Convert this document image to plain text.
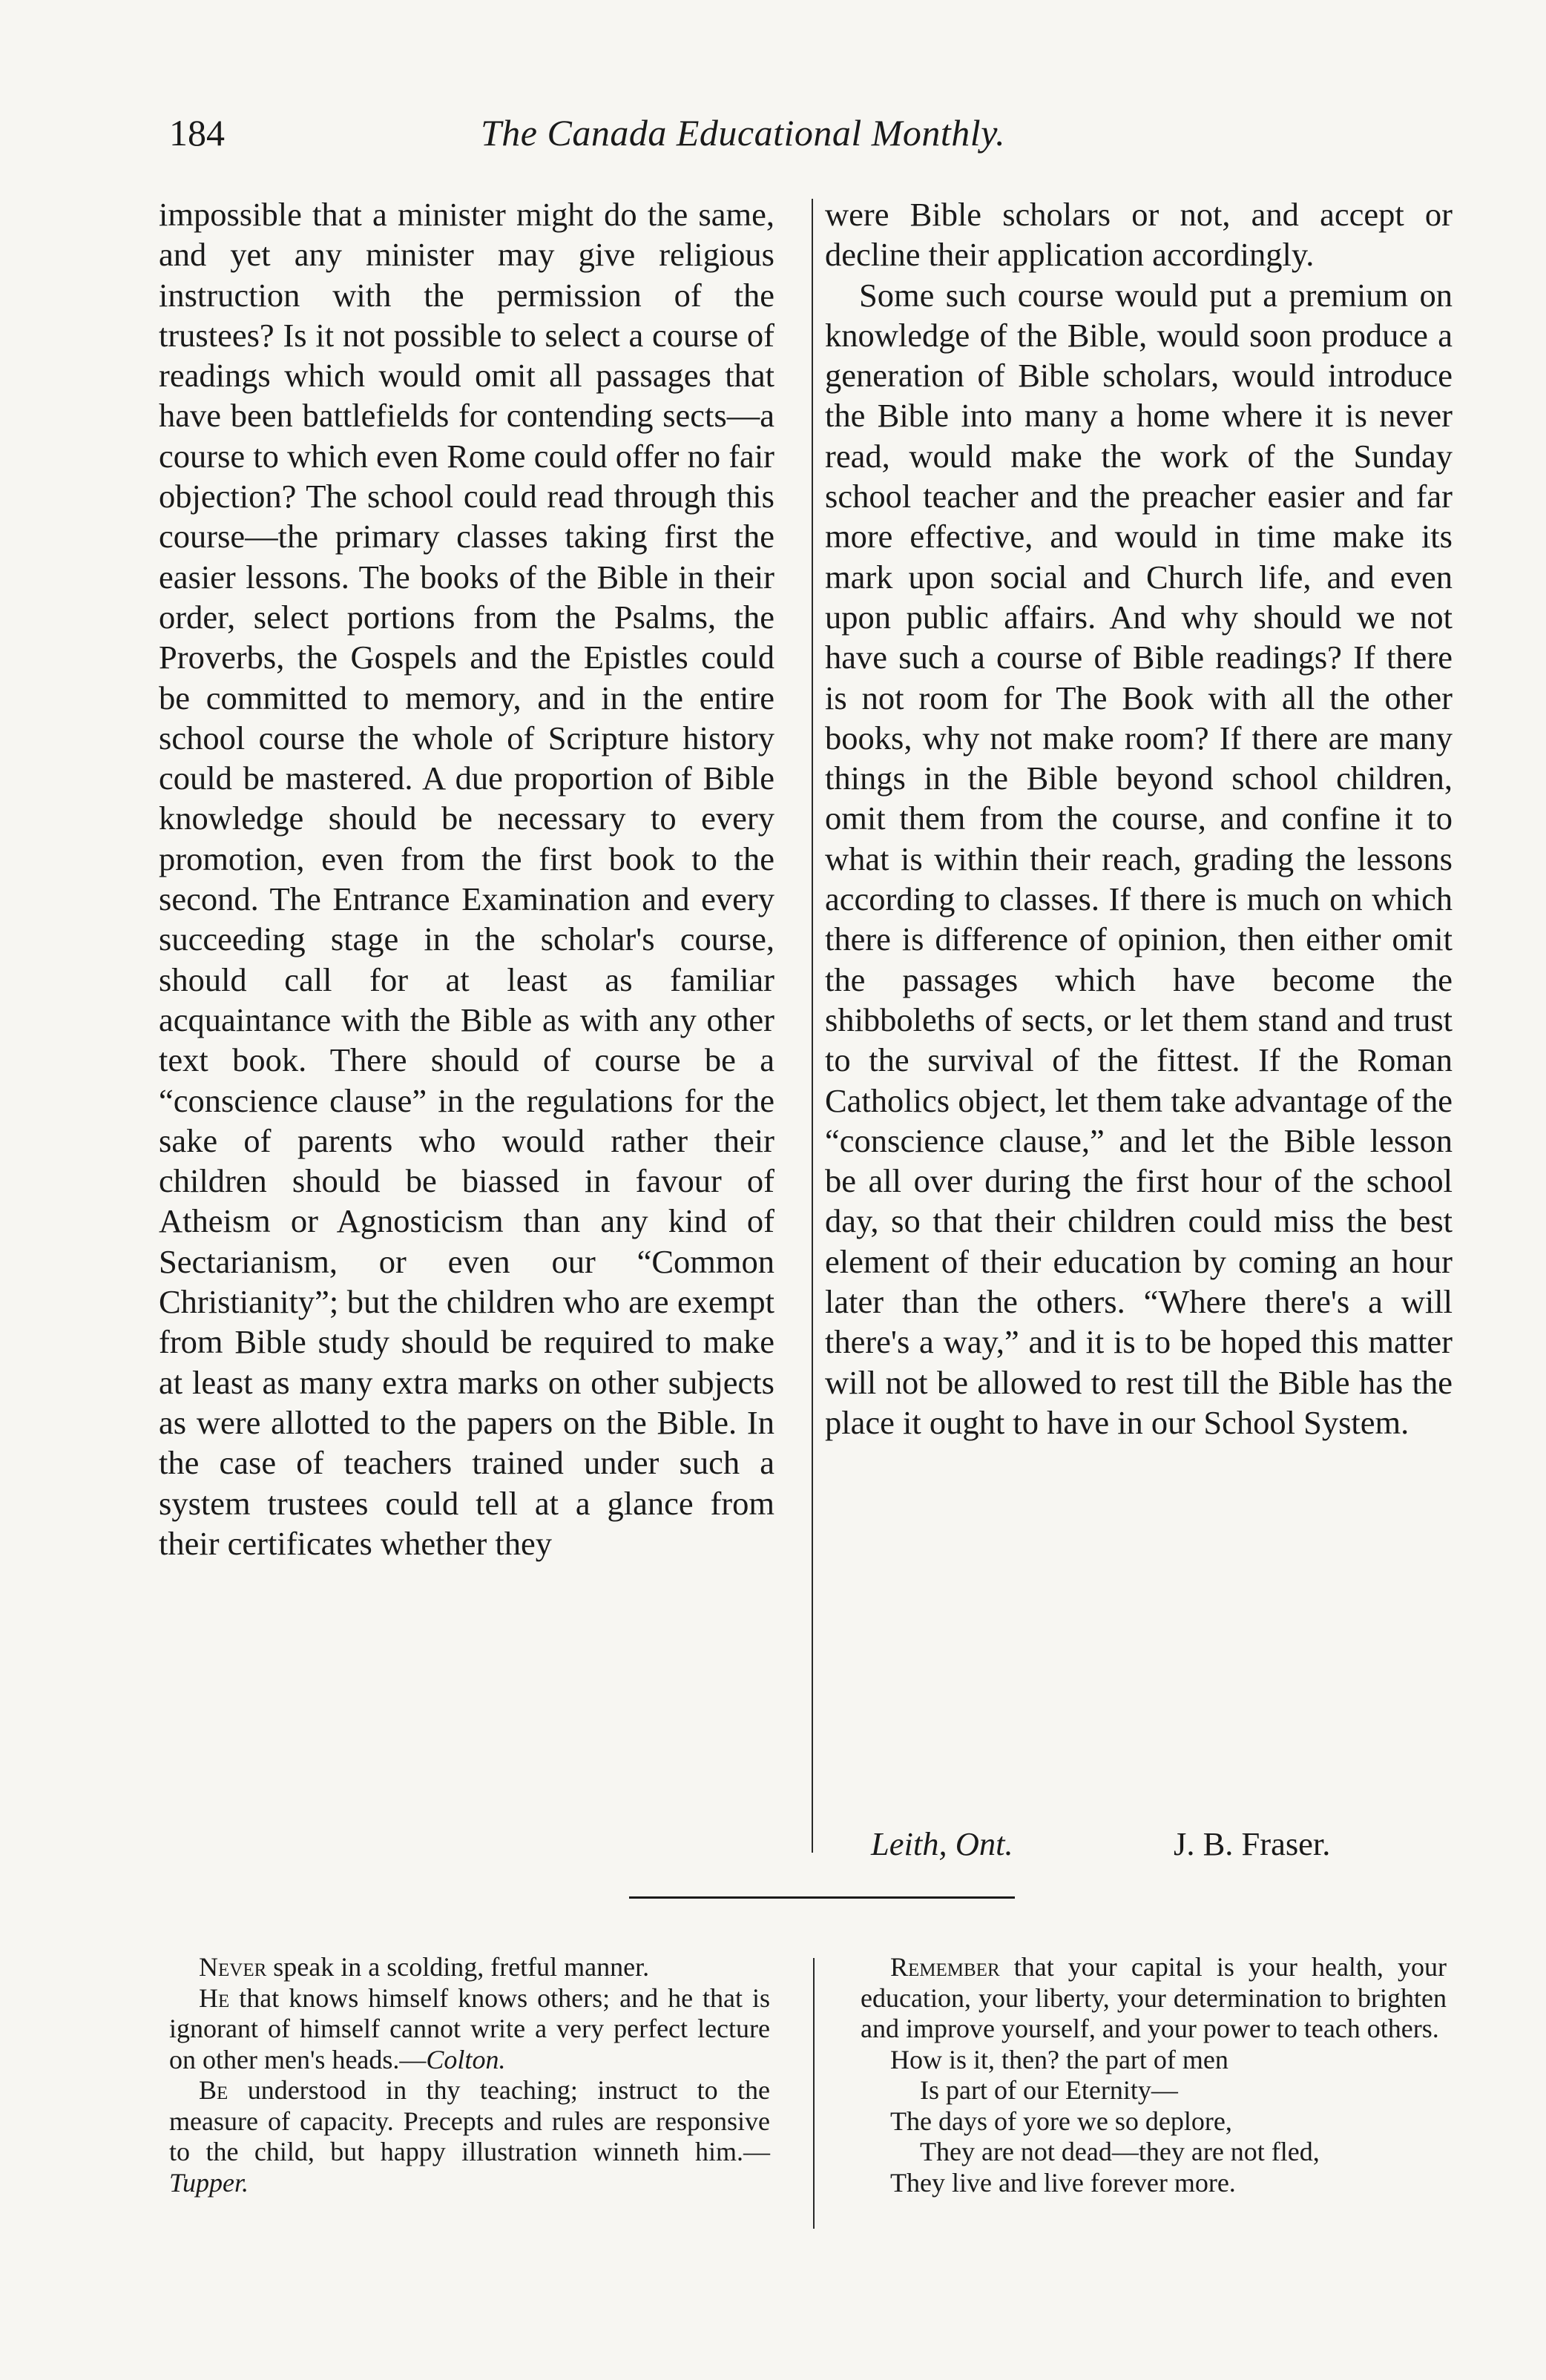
184	The Canada Educational Monthly.

impossible that a minister might do the same, and yet any minister may give religious instruction with the permission of the trustees? Is it not possible to select a course of readings which would omit all passages that have been battlefields for contending sects—a course to which even Rome could offer no fair objection? The school could read through this course—the primary classes taking first the easier lessons. The books of the Bible in their order, select portions from the Psalms, the Proverbs, the Gospels and the Epistles could be committed to memory, and in the entire school course the whole of Scripture history could be mastered. A due proportion of Bible knowledge should be necessary to every promotion, even from the first book to the second. The Entrance Examination and every succeeding stage in the scholar's course, should call for at least as familiar acquaintance with the Bible as with any other text book. There should of course be a “conscience clause” in the regulations for the sake of parents who would rather their children should be biassed in favour of Atheism or Agnosticism than any kind of Sectarianism, or even our “Common Christianity”; but the children who are exempt from Bible study should be required to make at least as many extra marks on other subjects as were allotted to the papers on the Bible. In the case of teachers trained under such a system trustees could tell at a glance from their certificates whether they

were Bible scholars or not, and accept or decline their application accordingly.

Some such course would put a premium on knowledge of the Bible, would soon produce a generation of Bible scholars, would introduce the Bible into many a home where it is never read, would make the work of the Sunday school teacher and the preacher easier and far more effective, and would in time make its mark upon social and Church life, and even upon public affairs. And why should we not have such a course of Bible readings? If there is not room for The Book with all the other books, why not make room? If there are many things in the Bible beyond school children, omit them from the course, and confine it to what is within their reach, grading the lessons according to classes. If there is much on which there is difference of opinion, then either omit the passages which have become the shibboleths of sects, or let them stand and trust to the survival of the fittest. If the Roman Catholics object, let them take advantage of the “conscience clause,” and let the Bible lesson be all over during the first hour of the school day, so that their children could miss the best element of their education by coming an hour later than the others. “Where there's a will there's a way,” and it is to be hoped this matter will not be allowed to rest till the Bible has the place it ought to have in our School System.

Leith, Ont.	J. B. Fraser.

Never speak in a scolding, fretful manner.

He that knows himself knows others; and he that is ignorant of himself cannot write a very perfect lecture on other men's heads.—Colton.

Be understood in thy teaching; instruct to the measure of capacity. Precepts and rules are responsive to the child, but happy illustration winneth him.—Tupper.

Remember that your capital is your health, your education, your liberty, your determination to brighten and improve yourself, and your power to teach others.

How is it, then? the part of men
Is part of our Eternity—
The days of yore we so deplore,
They are not dead—they are not fled,
They live and live forever more.
